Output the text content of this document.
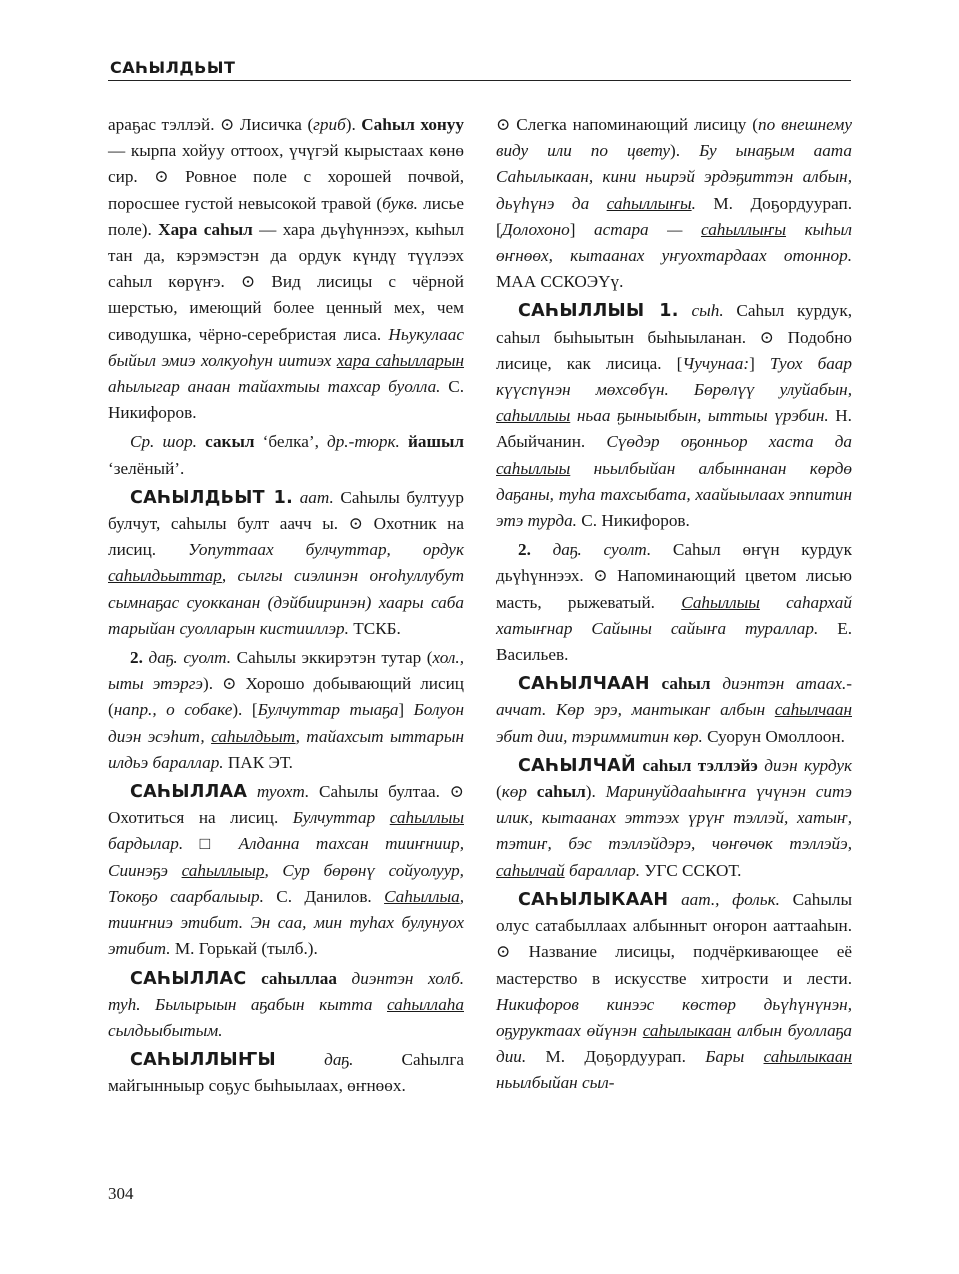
САҺЫЛДЬЫТ

араҕас тэллэй. ⊙ Лисичка (гриб). Саһыл хонуу — кырпа хойуу оттоох, үчүгэй кырыстаах көнө сир. ⊙ Ровное поле с хорошей почвой, поросшее густой невысокой травой (букв. лисье поле). Хара саһыл — хара дьүһүннээх, кыһыл тан да, кэрэмэстэн да ордук күндү түүлээх саһыл көрүҥэ. ⊙ Вид лисицы с чёрной шерстью, имеющий более ценный мех, чем сиводушка, чёрно-серебристая лиса. Ньукулаас быйыл эмиэ холкуоһун иитиэх хара саһылларын аһылыгар анаан тайахтыы тахсар буолла. С. Никифоров.

Ср. шор. сакыл ‘белка’, др.-тюрк. йашыл ‘зелёный’.

САҺЫЛДЬЫТ 1. аат. Саһылы бултуур булчут, саһылы булт аачч ы. ⊙ Охотник на лисиц. Уопуттаах булчуттар, ордук саһылдьыттар, сылгы сиэлинэн оҥоһуллубут сымнаҕас суокканан (дэйбииринэн) хаары саба тарыйан суолларын кистииллэр. ТСКБ.

2. даҕ. суолт. Саһылы эккирэтэн тутар (хол., ыты этэргэ). ⊙ Хорошо добывающий лисиц (напр., о собаке). [Булчуттар тыаҕа] Болуон диэн эсэһит, саһылдьыт, тайахсыт ыттарын илдьэ бараллар. ПАК ЭТ.

САҺЫЛЛАА туохт. Саһылы бултаа. ⊙ Охотиться на лисиц. Булчуттар саһыллыы бардылар. □ Алданна тахсан тииҥниир, Сиинэҕэ саһыллыыр, Сур бөрөнү сойуолуур, Токоҕо саарбалыыр. С. Данилов. Саһыллыа, тииҥниэ этибит. Эн саа, мин туһах булунуох этибит. М. Горькай (тылб.).

САҺЫЛЛАС саһыллаа диэнтэн холб. туһ. Былырыын аҕабын кытта саһыллаһа сылдьыбытым.

САҺЫЛЛЫҤЫ	даҕ. Саһылга майгынныыр соҕус быһыылаах, өҥнөөх.

⊙ Слегка напоминающий лисицу (по внешнему виду или по цвету). Бу ынаҕым аата Саһылыкаан, кини ньирэй эрдэҕиттэн албын, дьүһүнэ да саһыллыҥы. М. Доҕордуурап. [Долохоно] астара — саһыллыҥы кыһыл өҥнөөх, кытаанах уҥуохтардаах отоннор. МАА ССКОЭҮү.

САҺЫЛЛЫЫ 1. сыһ. Саһыл курдук, саһыл быһыытын быһыыланан. ⊙ Подобно лисице, как лисица. [Чучунаа:] Туох баар күүспүнэн мөхсөбүн. Бөрөлүү улуйабын, саһыллыы ньаа ҕыныыбын, ыттыы үрэбин. Н. Абыйчанин. Сүөдэр оҕонньор хаста да саһыллыы ньылбыйан албыннанан көрдө даҕаны, туһа тахсыбата, хаайыылаах эппитин этэ турда. С. Никифоров.

2. даҕ. суолт. Саһыл өҥүн курдук дьүһүннээх. ⊙ Напоминающий цветом лисью масть, рыжеватый. Саһыллыы саһархай хатыҥнар Сайыны сайыҥа тураллар. Е. Васильев.

САҺЫЛЧААН саһыл диэнтэн атаах.-аччат. Көр эрэ, мантыкаҥ албын саһылчаан эбит дии, тэриммитин көр. Суорун Омоллоон.

САҺЫЛЧАЙ саһыл тэллэйэ диэн курдук (көр саһыл). Маринуйдааһыҥҥа үчүнэн ситэ илик, кытаанах эттээх үрүҥ тэллэй, хатыҥ, тэтиҥ, бэс тэллэйдэрэ, чөҥөчөк тэллэйэ, саһылчай бараллар. УГС ССКОТ.

САҺЫЛЫКААН аат., фольк. Саһылы олус сатабыллаах албынныт оҥорон ааттааһын. ⊙ Название лисицы, подчёркивающее её мастерство в искусстве хитрости и лести. Никифоров кинээс көстөр дьүһүнүнэн, оҕуруктаах өйүнэн саһылыкаан албын буоллаҕа дии. М. Доҕордуурап. Бары саһылыкаан ньылбыйан сыл-

304
